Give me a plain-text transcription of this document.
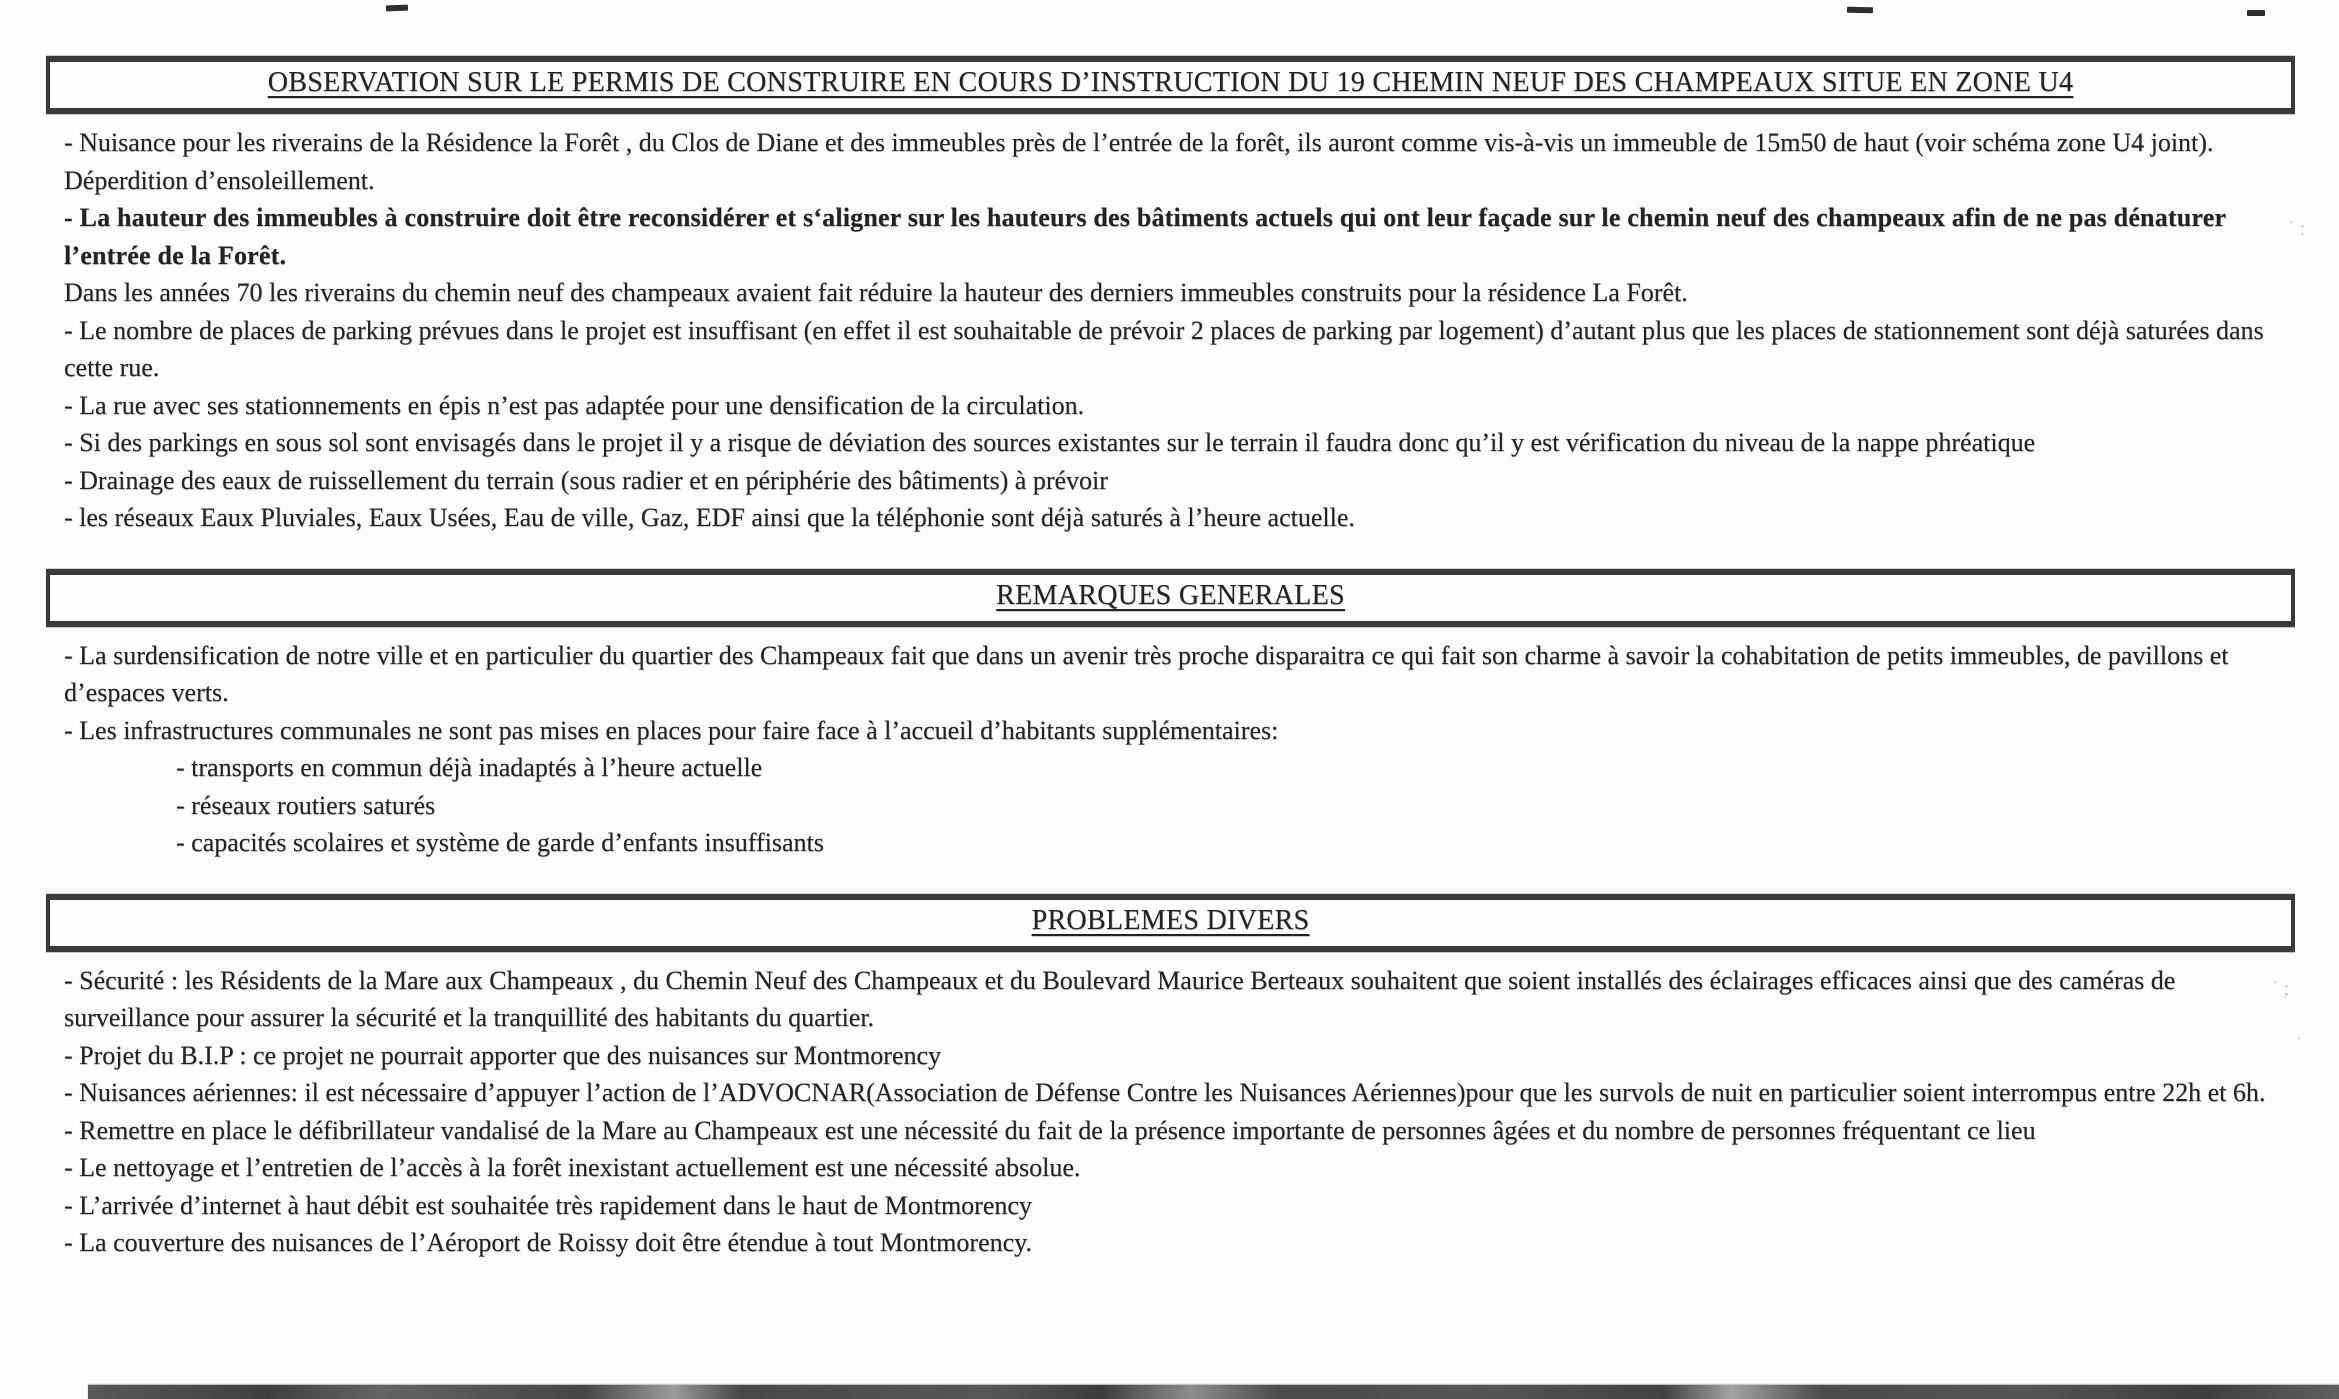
᾽ :
᾿ ;
·
OBSERVATION SUR LE PERMIS DE CONSTRUIRE EN COURS D’INSTRUCTION DU 19 CHEMIN NEUF DES CHAMPEAUX SITUE EN ZONE U4

- Nuisance pour les riverains de la Résidence la Forêt , du Clos de Diane et des immeubles près de l’entrée de la forêt, ils auront comme vis-à-vis un immeuble de 15m50 de haut (voir schéma zone U4 joint). Déperdition d’ensoleillement.

- La hauteur des immeubles à construire doit être reconsidérer et s‘aligner sur les hauteurs des bâtiments actuels qui ont leur façade sur le chemin neuf des champeaux afin de ne pas dénaturer l’entrée de la Forêt.

Dans les années 70 les riverains du chemin neuf des champeaux avaient fait réduire la hauteur des derniers immeubles construits pour la résidence La Forêt.

- Le nombre de places de parking prévues dans le projet est insuffisant (en effet il est souhaitable de prévoir 2 places de parking par logement) d’autant plus que les places de stationnement sont déjà saturées dans cette rue.

- La rue avec ses stationnements en épis n’est pas adaptée pour une densification de la circulation.

- Si des parkings en sous sol sont envisagés dans le projet il y a risque de déviation des sources existantes sur le terrain il faudra donc qu’il y est vérification du niveau de la nappe phréatique

- Drainage des eaux de ruissellement du terrain (sous radier et en périphérie des bâtiments) à prévoir

- les réseaux Eaux Pluviales, Eaux Usées, Eau de ville, Gaz, EDF ainsi que la téléphonie sont déjà saturés à l’heure actuelle.

REMARQUES GENERALES

- La surdensification de notre ville et en particulier du quartier des Champeaux fait que dans un avenir très proche disparaitra ce qui fait son charme à savoir la cohabitation de petits immeubles, de pavillons et d’espaces verts.

- Les infrastructures communales ne sont pas mises en places pour faire face à l’accueil d’habitants supplémentaires:

- transports en commun déjà inadaptés à l’heure actuelle

- réseaux routiers saturés

- capacités scolaires et système de garde d’enfants insuffisants

PROBLEMES DIVERS

- Sécurité : les Résidents de la Mare aux Champeaux , du Chemin Neuf des Champeaux et du Boulevard Maurice Berteaux souhaitent que soient installés des éclairages efficaces ainsi que des caméras de surveillance pour assurer la sécurité et la tranquillité des habitants du quartier.

- Projet du B.I.P : ce projet ne pourrait apporter que des nuisances sur Montmorency

- Nuisances aériennes: il est nécessaire d’appuyer l’action de l’ADVOCNAR(Association de Défense Contre les Nuisances Aériennes)pour que les survols de nuit en particulier soient interrompus entre 22h et 6h.

- Remettre en place le défibrillateur vandalisé de la Mare au Champeaux est une nécessité du fait de la présence importante de personnes âgées et du nombre de personnes fréquentant ce lieu

- Le nettoyage et l’entretien de l’accès à la forêt inexistant actuellement est une nécessité absolue.

- L’arrivée d’internet à haut débit est souhaitée très rapidement dans le haut de Montmorency

- La couverture des nuisances de l’Aéroport de Roissy doit être étendue à tout Montmorency.
